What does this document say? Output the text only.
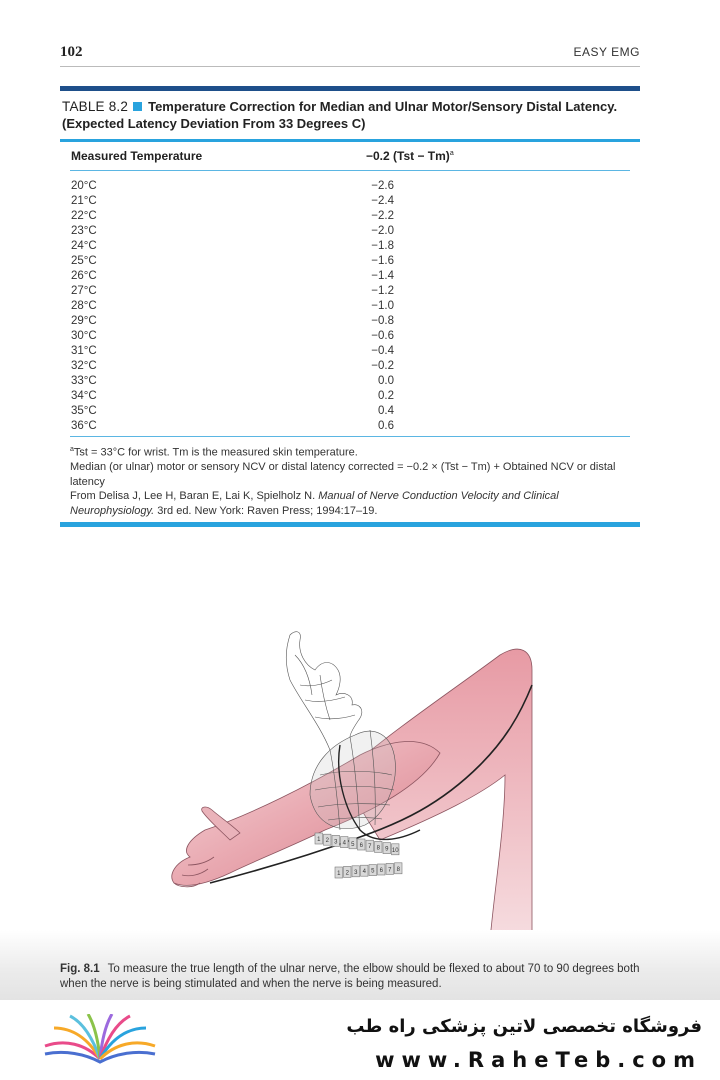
102	EASY EMG
TABLE 8.2 Temperature Correction for Median and Ulnar Motor/Sensory Distal Latency.
(Expected Latency Deviation From 33 Degrees C)
Measured Temperature	−0.2 (Tst − Tm)$^a$
20°C	−2.6
21°C	−2.4
22°C	−2.2
23°C	−2.0
24°C	−1.8
25°C	−1.6
26°C	−1.4
27°C	−1.2
28°C	−1.0
29°C	−0.8
30°C	−0.6
31°C	−0.4
32°C	−0.2
33°C	0.0
34°C	0.2
35°C	0.4
36°C	0.6

$^a$Tst = 33°C for wrist. Tm is the measured skin temperature.

Median (or ulnar) motor or sensory NCV or distal latency corrected = −0.2 × (Tst − Tm) + Obtained NCV or distal latency

From Delisa J, Lee H, Baran E, Lai K, Spielholz N. Manual of Nerve Conduction Velocity and Clinical Neurophysiology. 3rd ed. New York: Raven Press; 1994:17–19.

1 2 3 4 5 6 7 8 9 10
1 2 3 4 5 6 7 8
Fig. 8.1 To measure the true length of the ulnar nerve, the elbow should be flexed to about 70 to 90 degrees both when the nerve is being stimulated and when the nerve is being measured.
فروشگاه تخصصی لاتین پزشکی راه طب
www.RaheTeb.com
